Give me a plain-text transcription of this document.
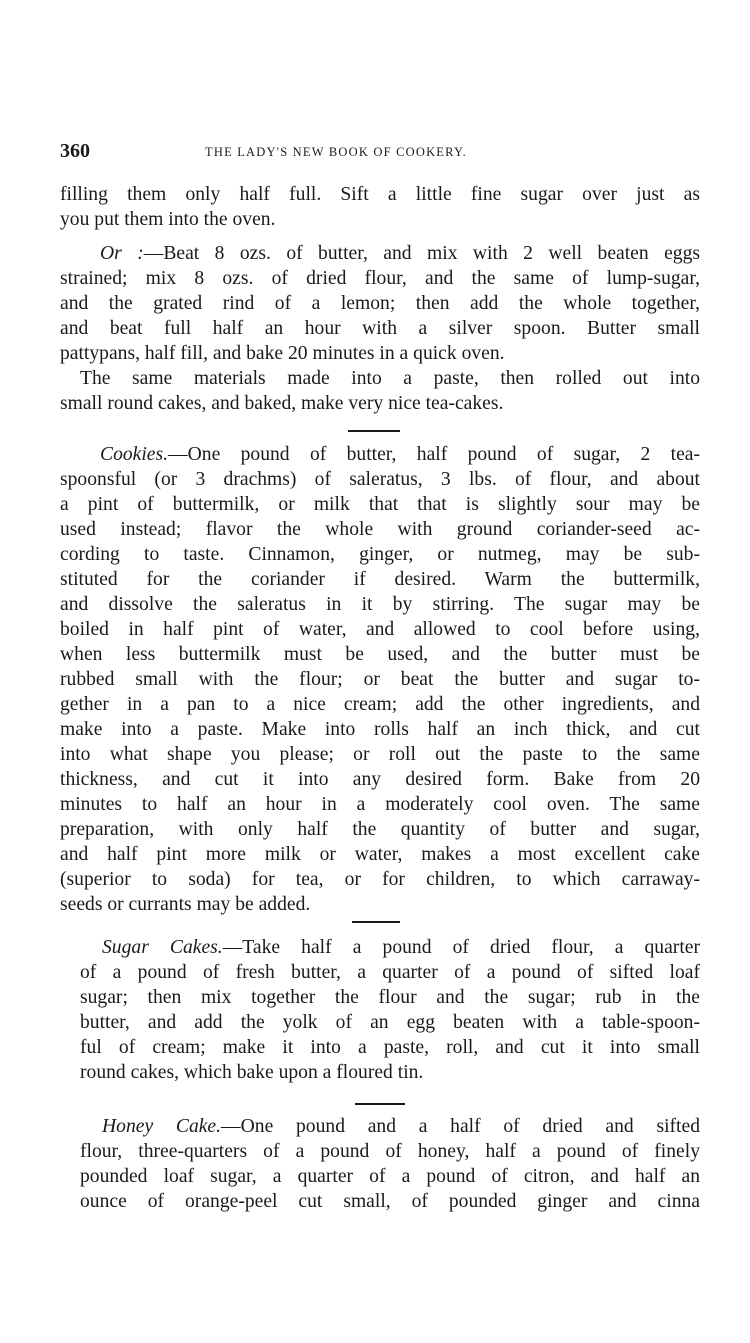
360	THE LADY'S NEW BOOK OF COOKERY.
filling them only half full. Sift a little fine sugar over just as
you put them into the oven.
Or :—Beat 8 ozs. of butter, and mix with 2 well beaten eggs
strained; mix 8 ozs. of dried flour, and the same of lump-sugar,
and the grated rind of a lemon; then add the whole together,
and beat full half an hour with a silver spoon. Butter small
pattypans, half fill, and bake 20 minutes in a quick oven.
The same materials made into a paste, then rolled out into
small round cakes, and baked, make very nice tea-cakes.
Cookies.—One pound of butter, half pound of sugar, 2 tea-
spoonsful (or 3 drachms) of saleratus, 3 lbs. of flour, and about
a pint of buttermilk, or milk that that is slightly sour may be
used instead; flavor the whole with ground coriander-seed ac-
cording to taste. Cinnamon, ginger, or nutmeg, may be sub-
stituted for the coriander if desired. Warm the buttermilk,
and dissolve the saleratus in it by stirring. The sugar may be
boiled in half pint of water, and allowed to cool before using,
when less buttermilk must be used, and the butter must be
rubbed small with the flour; or beat the butter and sugar to-
gether in a pan to a nice cream; add the other ingredients, and
make into a paste. Make into rolls half an inch thick, and cut
into what shape you please; or roll out the paste to the same
thickness, and cut it into any desired form. Bake from 20
minutes to half an hour in a moderately cool oven. The same
preparation, with only half the quantity of butter and sugar,
and half pint more milk or water, makes a most excellent cake
(superior to soda) for tea, or for children, to which carraway-
seeds or currants may be added.
Sugar Cakes.—Take half a pound of dried flour, a quarter
of a pound of fresh butter, a quarter of a pound of sifted loaf
sugar; then mix together the flour and the sugar; rub in the
butter, and add the yolk of an egg beaten with a table-spoon-
ful of cream; make it into a paste, roll, and cut it into small
round cakes, which bake upon a floured tin.
Honey Cake.—One pound and a half of dried and sifted
flour, three-quarters of a pound of honey, half a pound of finely
pounded loaf sugar, a quarter of a pound of citron, and half an
ounce of orange-peel cut small, of pounded ginger and cinna
